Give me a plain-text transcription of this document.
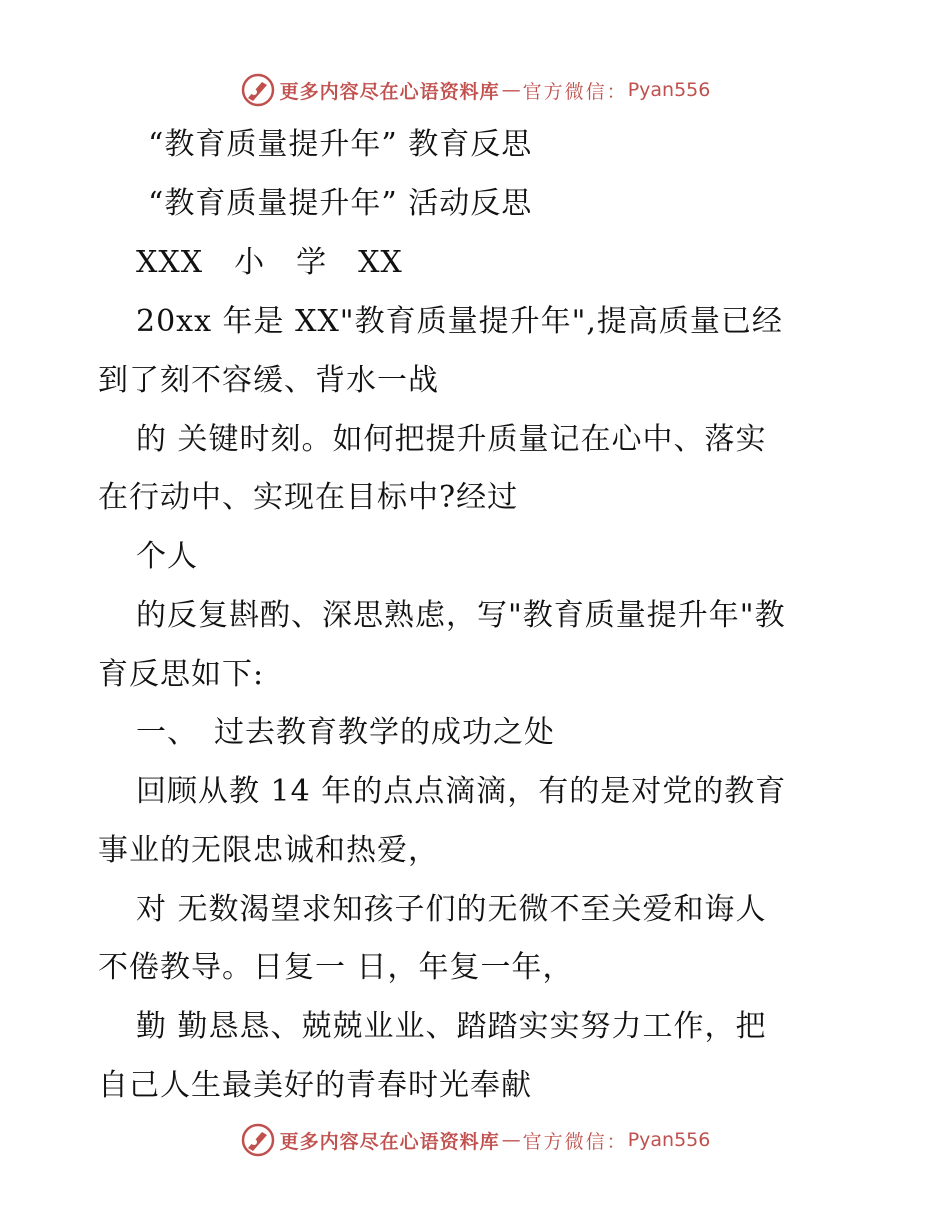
更多内容尽在心语资料库 — 官方微信： Pyan556
“教育质量提升年” 教育反思
“教育质量提升年” 活动反思
XXX　小　学　XX
20xx 年是 XX"教育质量提升年",提高质量已经
到了刻不容缓、背水一战
的 关键时刻。如何把提升质量记在心中、落实
在行动中、实现在目标中?经过
个人
的反复斟酌、深思熟虑，写"教育质量提升年"教
育反思如下:
一、　过去教育教学的成功之处
回顾从教 14 年的点点滴滴，有的是对党的教育
事业的无限忠诚和热爱，
对 无数渴望求知孩子们的无微不至关爱和诲人
不倦教导。日复一 日，年复一年，
勤 勤恳恳、兢兢业业、踏踏实实努力工作，把
自己人生最美好的青春时光奉献
更多内容尽在心语资料库 — 官方微信： Pyan556
